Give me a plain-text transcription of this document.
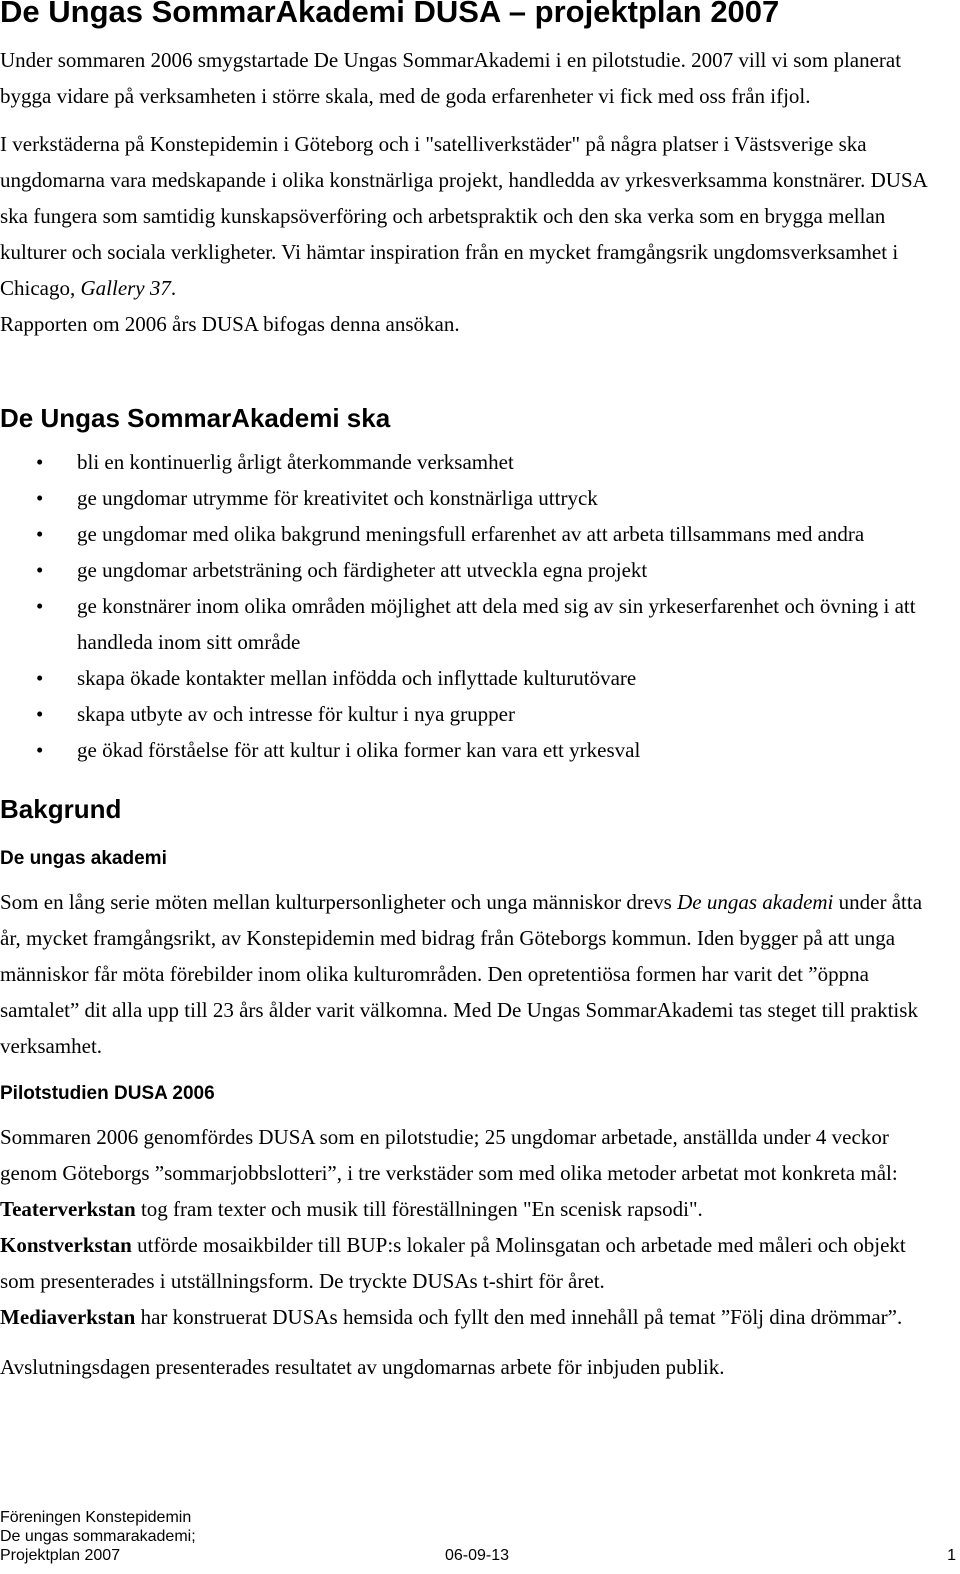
De Ungas SommarAkademi DUSA – projektplan 2007

Under sommaren 2006 smygstartade De Ungas SommarAkademi i en pilotstudie. 2007 vill vi som planerat bygga vidare på verksamheten i större skala, med de goda erfarenheter vi fick med oss från ifjol.

I verkstäderna på Konstepidemin i Göteborg och i "satelliverkstäder" på några platser i Västsverige ska ungdomarna vara medskapande i olika konstnärliga projekt, handledda av yrkesverksamma konstnärer. DUSA ska fungera som samtidig kunskapsöverföring och arbetspraktik och den ska verka som en brygga mellan kulturer och sociala verkligheter. Vi hämtar inspiration från en mycket framgångsrik ungdomsverksamhet i Chicago, Gallery 37.

Rapporten om 2006 års DUSA bifogas denna ansökan.

De Ungas SommarAkademi ska
• bli en kontinuerlig årligt återkommande verksamhet
• ge ungdomar utrymme för kreativitet och konstnärliga uttryck
• ge ungdomar med olika bakgrund meningsfull erfarenhet av att arbeta tillsammans med andra
• ge ungdomar arbetsträning och färdigheter att utveckla egna projekt
• ge konstnärer inom olika områden möjlighet att dela med sig av sin yrkeserfarenhet och övning i att handleda inom sitt område
• skapa ökade kontakter mellan infödda och inflyttade kulturutövare
• skapa utbyte av och intresse för kultur i nya grupper
• ge ökad förståelse för att kultur i olika former kan vara ett yrkesval
Bakgrund
De ungas akademi

Som en lång serie möten mellan kulturpersonligheter och unga människor drevs De ungas akademi under åtta år, mycket framgångsrikt, av Konstepidemin med bidrag från Göteborgs kommun. Iden bygger på att unga människor får möta förebilder inom olika kulturområden. Den opretentiösa formen har varit det ”öppna samtalet” dit alla upp till 23 års ålder varit välkomna. Med De Ungas SommarAkademi tas steget till praktisk verksamhet.

Pilotstudien DUSA 2006

Sommaren 2006 genomfördes DUSA som en pilotstudie; 25 ungdomar arbetade, anställda under 4 veckor genom Göteborgs ”sommarjobbslotteri”, i tre verkstäder som med olika metoder arbetat mot konkreta mål:

Teaterverkstan tog fram texter och musik till föreställningen "En scenisk rapsodi".

Konstverkstan utförde mosaikbilder till BUP:s lokaler på Molinsgatan och arbetade med måleri och objekt som presenterades i utställningsform. De tryckte DUSAs t-shirt för året.

Mediaverkstan har konstruerat DUSAs hemsida och fyllt den med innehåll på temat ”Följ dina drömmar”.

Avslutningsdagen presenterades resultatet av ungdomarnas arbete för inbjuden publik.

Föreningen Konstepidemin
De ungas sommarakademi;
Projektplan 2007	06-09-13	1
